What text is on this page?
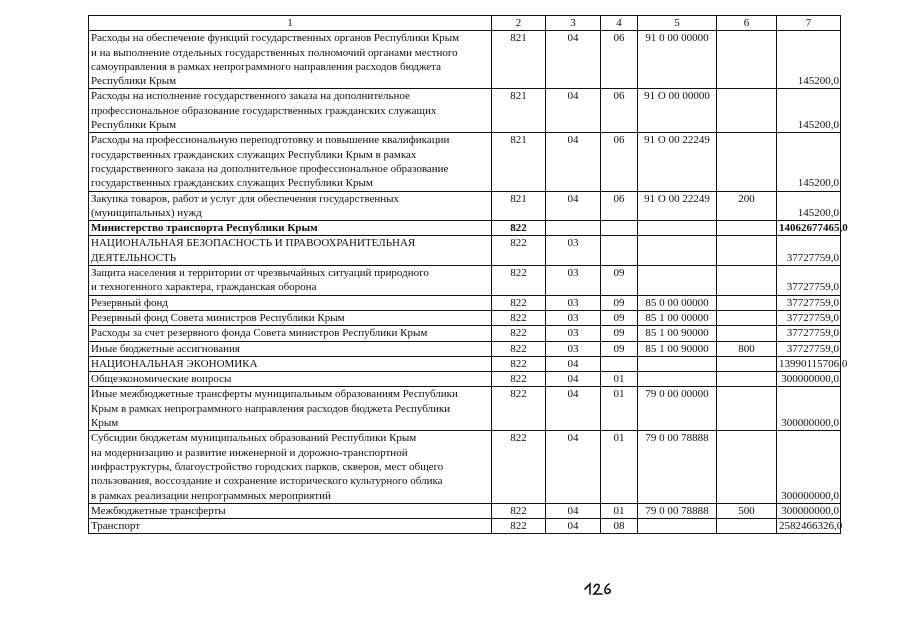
1	2	3	4	5	6	7
Расходы на обеспечение функций государственных органов Республики Крым
и на выполнение отдельных государственных полномочий органами местного
самоуправления в рамках непрограммного направления расходов бюджета
Республики Крым	821	04	06	91 0 00 00000		145200,0
Расходы на исполнение государственного заказа на дополнительное
профессиональное образование государственных гражданских служащих
Республики Крым	821	04	06	91 О 00 00000		145200,0
Расходы на профессиональную переподготовку и повышение квалификации
государственных гражданских служащих Республики Крым в рамках
государственного заказа на дополнительное профессиональное образование
государственных гражданских служащих Республики Крым	821	04	06	91 О 00 22249		145200,0
Закупка товаров, работ и услуг для обеспечения государственных
(муниципальных) нужд	821	04	06	91 О 00 22249	200	145200,0
Министерство транспорта Республики Крым	822					14062677465,0
НАЦИОНАЛЬНАЯ БЕЗОПАСНОСТЬ И ПРАВООХРАНИТЕЛЬНАЯ
ДЕЯТЕЛЬНОСТЬ	822	03				37727759,0
Защита населения и территории от чрезвычайных ситуаций природного
и техногенного характера, гражданская оборона	822	03	09			37727759,0
Резервный фонд	822	03	09	85 0 00 00000		37727759,0
Резервный фонд Совета министров Республики Крым	822	03	09	85 1 00 00000		37727759,0
Расходы за счет резервного фонда Совета министров Республики Крым	822	03	09	85 1 00 90000		37727759,0
Иные бюджетные ассигнования	822	03	09	85 1 00 90000	800	37727759,0
НАЦИОНАЛЬНАЯ ЭКОНОМИКА	822	04				13990115706,0
Общеэкономические вопросы	822	04	01			300000000,0
Иные межбюджетные трансферты муниципальным образованиям Республики
Крым в рамках непрограммного направления расходов бюджета Республики
Крым	822	04	01	79 0 00 00000		300000000,0
Субсидии бюджетам муниципальных образований Республики Крым
на модернизацию и развитие инженерной и дорожно-транспортной
инфраструктуры, благоустройство городских парков, скверов, мест общего
пользования, воссоздание и сохранение исторического культурного облика
в рамках реализации непрограммных мероприятий	822	04	01	79 0 00 78888		300000000,0
Межбюджетные трансферты	822	04	01	79 0 00 78888	500	300000000,0
Транспорт	822	04	08			2582466326,0
